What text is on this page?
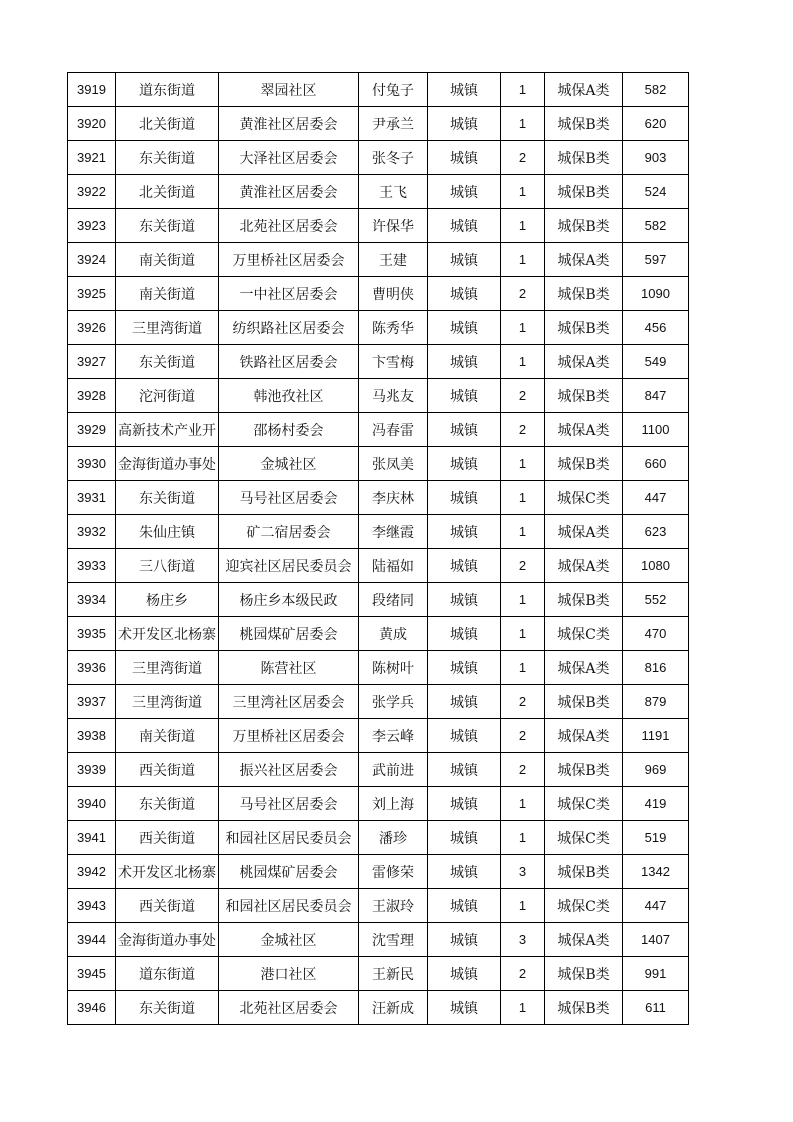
3919	道东街道	翠园社区	付兔子	城镇	1	城保A类	582
3920	北关街道	黄淮社区居委会	尹承兰	城镇	1	城保B类	620
3921	东关街道	大泽社区居委会	张冬子	城镇	2	城保B类	903
3922	北关街道	黄淮社区居委会	王飞	城镇	1	城保B类	524
3923	东关街道	北苑社区居委会	许保华	城镇	1	城保B类	582
3924	南关街道	万里桥社区居委会	王建	城镇	1	城保A类	597
3925	南关街道	一中社区居委会	曹明侠	城镇	2	城保B类	1090
3926	三里湾街道	纺织路社区居委会	陈秀华	城镇	1	城保B类	456
3927	东关街道	铁路社区居委会	卞雪梅	城镇	1	城保A类	549
3928	沱河街道	韩池孜社区	马兆友	城镇	2	城保B类	847
3929	高新技术产业开	邵杨村委会	冯春雷	城镇	2	城保A类	1100
3930	金海街道办事处	金城社区	张凤美	城镇	1	城保B类	660
3931	东关街道	马号社区居委会	李庆林	城镇	1	城保C类	447
3932	朱仙庄镇	矿二宿居委会	李继霞	城镇	1	城保A类	623
3933	三八街道	迎宾社区居民委员会	陆福如	城镇	2	城保A类	1080
3934	杨庄乡	杨庄乡本级民政	段绪同	城镇	1	城保B类	552
3935	术开发区北杨寨	桃园煤矿居委会	黄成	城镇	1	城保C类	470
3936	三里湾街道	陈营社区	陈树叶	城镇	1	城保A类	816
3937	三里湾街道	三里湾社区居委会	张学兵	城镇	2	城保B类	879
3938	南关街道	万里桥社区居委会	李云峰	城镇	2	城保A类	1191
3939	西关街道	振兴社区居委会	武前进	城镇	2	城保B类	969
3940	东关街道	马号社区居委会	刘上海	城镇	1	城保C类	419
3941	西关街道	和园社区居民委员会	潘珍	城镇	1	城保C类	519
3942	术开发区北杨寨	桃园煤矿居委会	雷修荣	城镇	3	城保B类	1342
3943	西关街道	和园社区居民委员会	王淑玲	城镇	1	城保C类	447
3944	金海街道办事处	金城社区	沈雪理	城镇	3	城保A类	1407
3945	道东街道	港口社区	王新民	城镇	2	城保B类	991
3946	东关街道	北苑社区居委会	汪新成	城镇	1	城保B类	611
